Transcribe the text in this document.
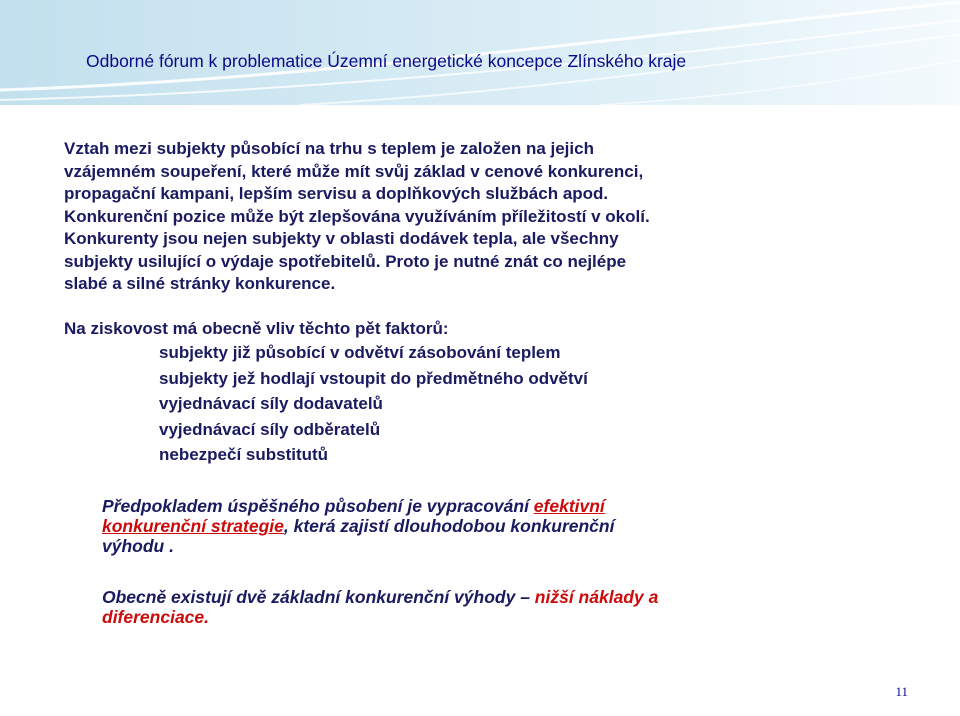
Odborné fórum k problematice Územní energetické koncepce Zlínského kraje
Vztah mezi subjekty působící na trhu s teplem je založen na jejich
vzájemném soupeření, které může mít svůj základ v cenové konkurenci,
propagační kampani, lepším servisu a doplňkových službách apod.
Konkurenční pozice může být zlepšována využíváním příležitostí v okolí.
Konkurenty jsou nejen subjekty v oblasti dodávek tepla, ale všechny
subjekty usilující o výdaje spotřebitelů. Proto je nutné znát co nejlépe
slabé a silné stránky konkurence.
Na ziskovost má obecně vliv těchto pět faktorů:
subjekty již působící v odvětví zásobování teplem
subjekty jež hodlají vstoupit do předmětného odvětví
vyjednávací síly dodavatelů
vyjednávací síly odběratelů
nebezpečí substitutů
Předpokladem úspěšného působení je vypracování efektivní
konkurenční strategie, která zajistí dlouhodobou konkurenční
výhodu .
Obecně existují dvě základní konkurenční výhody – nižší náklady a
diferenciace.
11
